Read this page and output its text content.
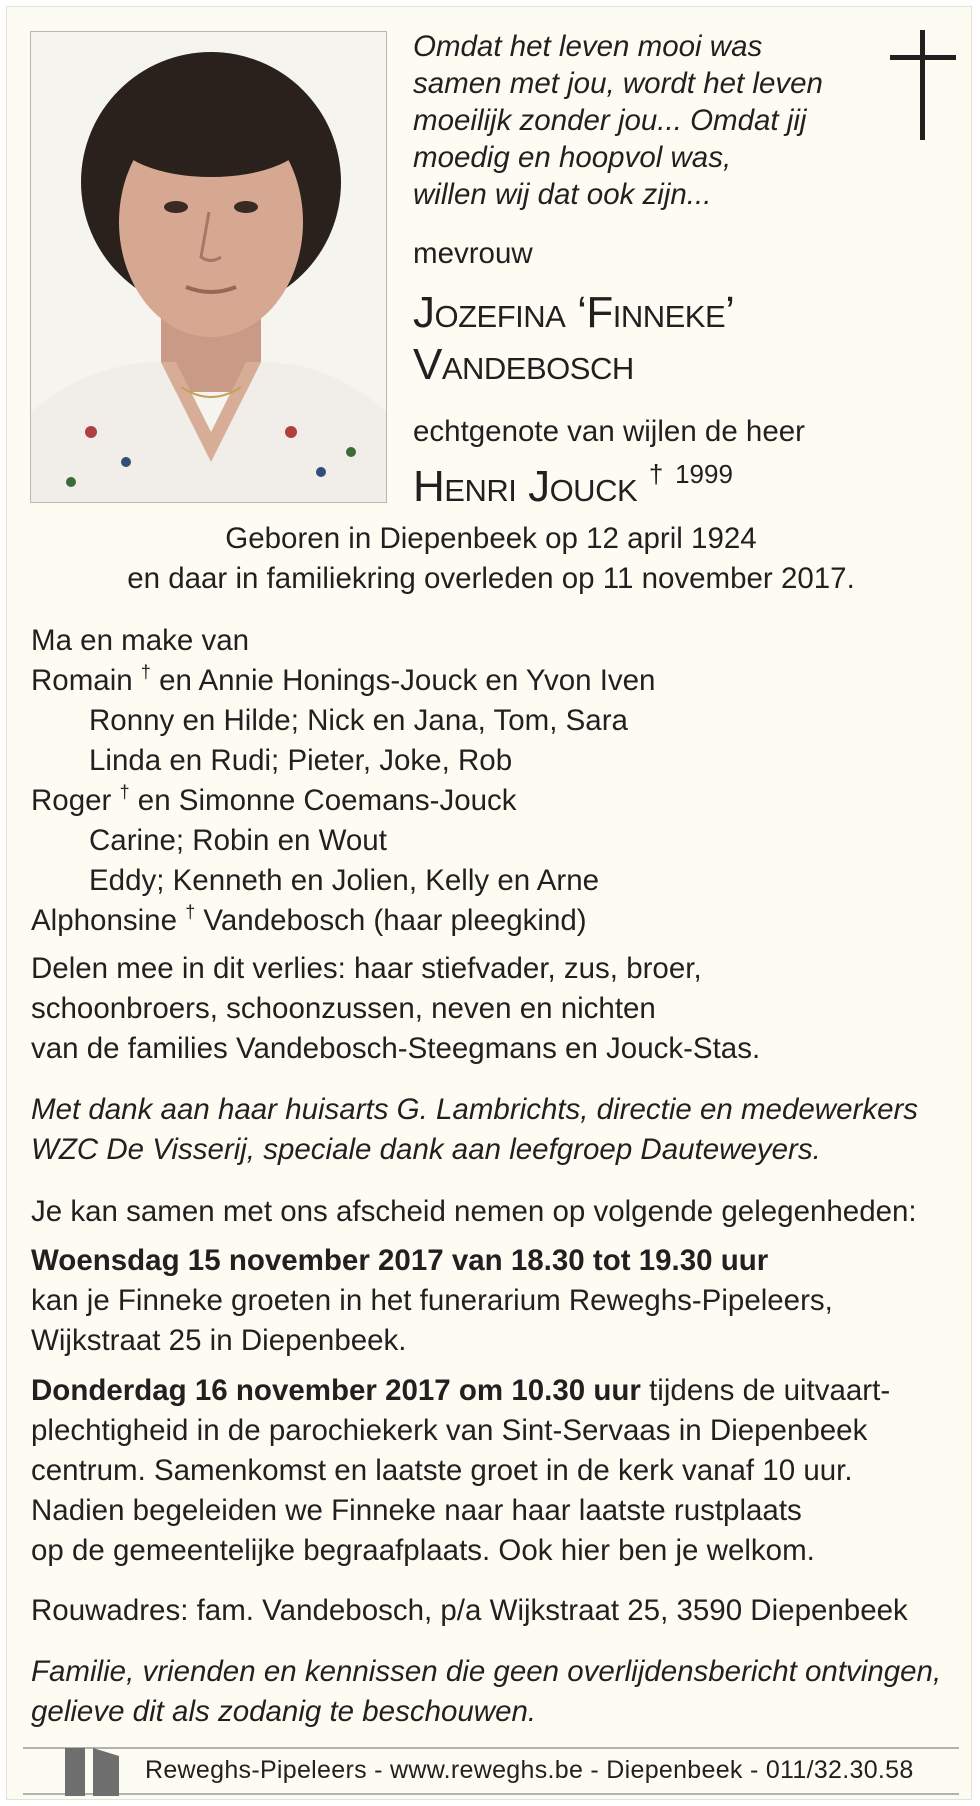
Omdat het leven mooi was
samen met jou, wordt het leven
moeilijk zonder jou... Omdat jij
moedig en hoopvol was,
willen wij dat ook zijn...
mevrouw
Jozefina ‘Finneke’
Vandebosch
echtgenote van wijlen de heer
Henri Jouck † $^{1999}$
Geboren in Diepenbeek op 12 april 1924
en daar in familiekring overleden op 11 november 2017.
Ma en make van
Romain † en Annie Honings-Jouck en Yvon Iven
Ronny en Hilde; Nick en Jana, Tom, Sara
Linda en Rudi; Pieter, Joke, Rob
Roger † en Simonne Coemans-Jouck
Carine; Robin en Wout
Eddy; Kenneth en Jolien, Kelly en Arne
Alphonsine † Vandebosch (haar pleegkind)
Delen mee in dit verlies: haar stiefvader, zus, broer,
schoonbroers, schoonzussen, neven en nichten
van de families Vandebosch-Steegmans en Jouck-Stas.
Met dank aan haar huisarts G. Lambrichts, directie en medewerkers
WZC De Visserij, speciale dank aan leefgroep Dauteweyers.
Je kan samen met ons afscheid nemen op volgende gelegenheden:
Woensdag 15 november 2017 van 18.30 tot 19.30 uur
kan je Finneke groeten in het funerarium Reweghs-Pipeleers,
Wijkstraat 25 in Diepenbeek.
Donderdag 16 november 2017 om 10.30 uur tijdens de uitvaart-
plechtigheid in de parochiekerk van Sint-Servaas in Diepenbeek
centrum. Samenkomst en laatste groet in de kerk vanaf 10 uur.
Nadien begeleiden we Finneke naar haar laatste rustplaats
op de gemeentelijke begraafplaats. Ook hier ben je welkom.
Rouwadres: fam. Vandebosch, p/a Wijkstraat 25, 3590 Diepenbeek
Familie, vrienden en kennissen die geen overlijdensbericht ontvingen,
gelieve dit als zodanig te beschouwen.
Reweghs-Pipeleers - www.reweghs.be - Diepenbeek - 011/32.30.58
